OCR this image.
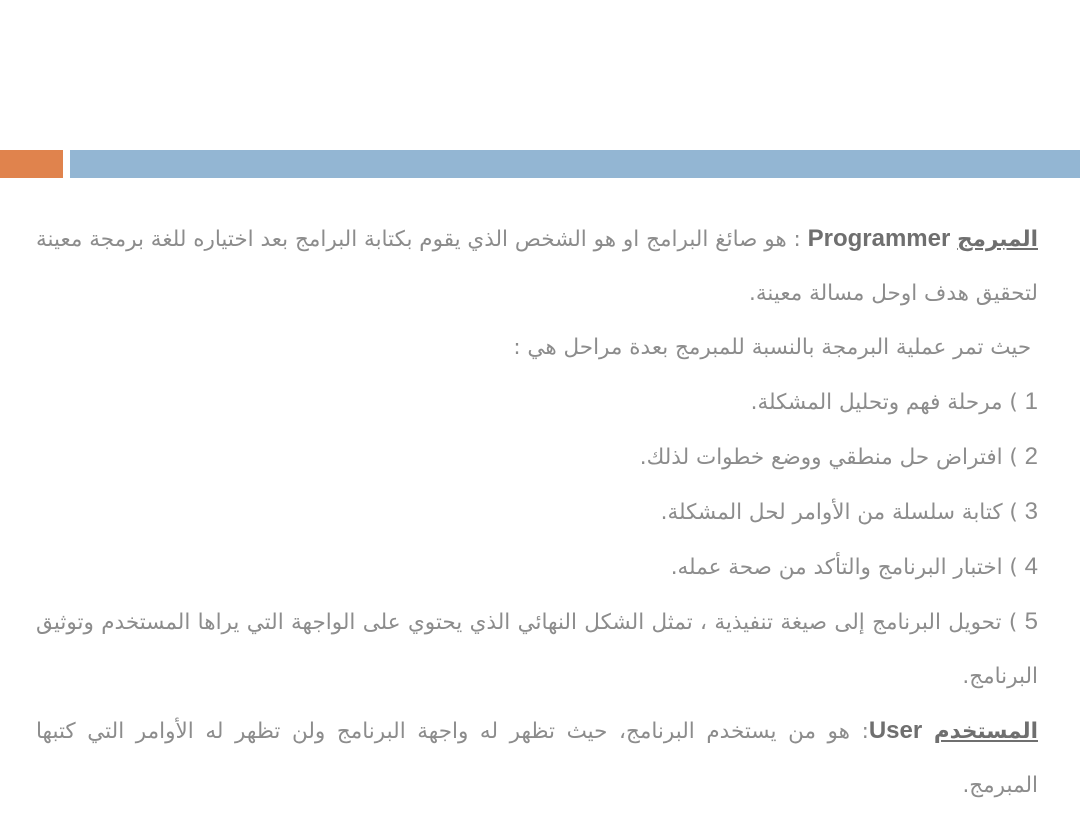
المبرمج Programmer : هو صائغ البرامج او هو الشخص الذي يقوم بكتابة البرامج بعد اختياره للغة برمجة معينة لتحقيق هدف اوحل مسالة معينة.

حيث تمر عملية البرمجة بالنسبة للمبرمج بعدة مراحل هي :

1 ) مرحلة فهم وتحليل المشكلة.

2 ) افتراض حل منطقي ووضع خطوات لذلك.

3 ) كتابة سلسلة من الأوامر لحل المشكلة.

4 ) اختبار البرنامج والتأكد من صحة عمله.

5 ) تحويل البرنامج إلى صيغة تنفيذية ، تمثل الشكل النهائي الذي يحتوي على الواجهة التي يراها المستخدم وتوثيق البرنامج.

المستخدم User: هو من يستخدم البرنامج، حيث تظهر له واجهة البرنامج ولن تظهر له الأوامر التي كتبها المبرمج.
